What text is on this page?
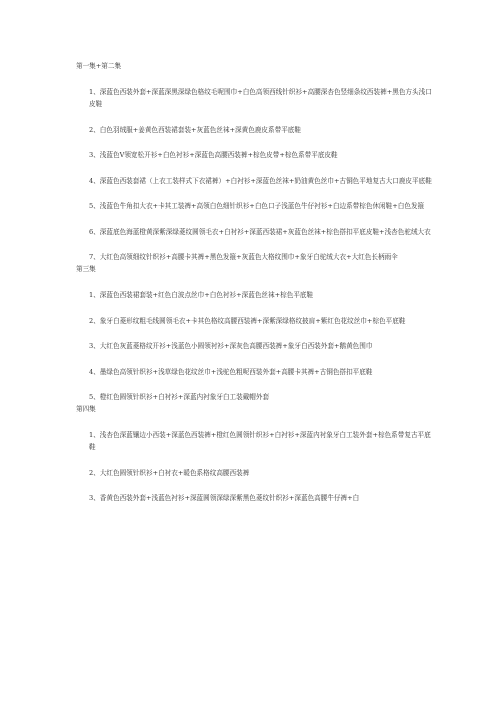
第一集+第二集
1、深蓝色西装外套+深蓝深黑深绿色格纹毛呢围巾+白色高领西线针织衫+高腰深杏色竖细条纹西装裤+黑色方头浅口皮鞋
2、白色羽绒服+姜黄色西装裙套装+灰蓝色丝袜+深黄色鹿皮系带平底鞋
3、浅蓝色V领宽松开衫+白色衬衫+深蓝色高腰西装裤+棕色皮带+棕色系带平底皮鞋
4、深蓝色西装套裙（上衣工装样式下衣裙裤）+白衬衫+深蓝色丝袜+奶油黄色丝巾+古铜色平地复古大口鹿皮平底鞋
5、浅蓝色牛角扣大衣+卡其工装裤+高领白色细针织衫+白色口子浅蓝色牛仔衬衫+白边系带棕色休闲鞋+白色发箍
6、深蓝底色海蓝橙黄深紫深绿菱纹圆领毛衣+白衬衫+深蓝西装裙+灰蓝色丝袜+棕色搭扣平底皮鞋+浅杏色驼绒大衣
7、大红色高领细纹针织衫+高腰卡其裤+黑色发箍+灰蓝色大格纹围巾+象牙白驼绒大衣+大红色长柄雨伞
第三集
1、深蓝色西装裙套装+红色白波点丝巾+白色衬衫+深蓝色丝袜+棕色平底鞋
2、象牙白菱形纹粗毛线圆领毛衣+卡其色格纹高腰西装裤+深紫深绿格纹披肩+紫红色花纹丝巾+棕色平底鞋
3、大红色灰蓝菱格纹开衫+浅蓝色小圆领衬衫+深灰色高腰西装裤+象牙白西装外套+鹅黄色围巾
4、墨绿色高领针织衫+浅草绿色花纹丝巾+浅驼色粗呢西装外套+高腰卡其裤+古铜色搭扣平底鞋
5、橙红色圆领针织衫+白衬衫+深蓝内衬象牙白工装戴帽外套
第四集
1、浅杏色深蓝镶边小西装+深蓝色西装裤+橙红色圆领针织衫+白衬衫+深蓝内衬象牙白工装外套+棕色系带复古平底鞋
2、大红色圆领针织衫+白衬衣+暖色系格纹高腰西装裤
3、香黄色西装外套+浅蓝色衬衫+深蓝圆领深绿深紫黑色菱纹针织衫+深蓝色高腰牛仔裤+白
